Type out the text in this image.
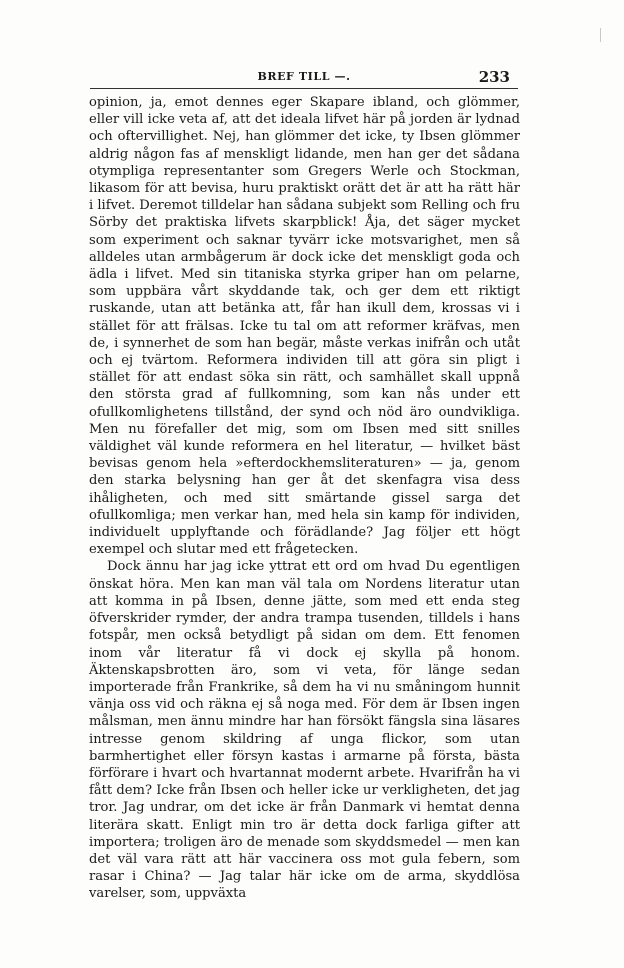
BREF TILL —.	233

opinion, ja, emot dennes eger Skapare ibland, och glömmer, eller vill icke veta af, att det ideala lifvet här på jorden är lydnad och oftervillighet. Nej, han glömmer det icke, ty Ibsen glömmer aldrig någon fas af menskligt lidande, men han ger det sådana otympliga representanter som Gregers Werle och Stockman, likasom för att bevisa, huru praktiskt orätt det är att ha rätt här i lifvet. Deremot tilldelar han sådana subjekt som Relling och fru Sörby det praktiska lifvets skarpblick! Åja, det säger mycket som experiment och saknar tyvärr icke motsvarighet, men så alldeles utan armbågerum är dock icke det menskligt goda och ädla i lifvet. Med sin titaniska styrka griper han om pelarne, som uppbära vårt skyddande tak, och ger dem ett riktigt ruskande, utan att betänka att, får han ikull dem, krossas vi i stället för att frälsas. Icke tu tal om att reformer kräfvas, men de, i synnerhet de som han begär, måste verkas inifrån och utåt och ej tvärtom. Reformera individen till att göra sin pligt i stället för att endast söka sin rätt, och samhället skall uppnå den största grad af fullkomning, som kan nås under ett ofullkomlighetens tillstånd, der synd och nöd äro oundvikliga. Men nu förefaller det mig, som om Ibsen med sitt snilles väldighet väl kunde reformera en hel literatur, — hvilket bäst bevisas genom hela »efterdockhemsliteraturen» — ja, genom den starka belysning han ger åt det skenfagra visa dess ihåligheten, och med sitt smärtande gissel sarga det ofullkomliga; men verkar han, med hela sin kamp för individen, individuelt upplyftande och förädlande? Jag följer ett högt exempel och slutar med ett frågetecken.

Dock ännu har jag icke yttrat ett ord om hvad Du egentligen önskat höra. Men kan man väl tala om Nordens literatur utan att komma in på Ibsen, denne jätte, som med ett enda steg öfverskrider rymder, der andra trampa tusenden, tilldels i hans fotspår, men också betydligt på sidan om dem. Ett fenomen inom vår literatur få vi dock ej skylla på honom. Äktenskapsbrotten äro, som vi veta, för länge sedan importerade från Frankrike, så dem ha vi nu småningom hunnit vänja oss vid och räkna ej så noga med. För dem är Ibsen ingen målsman, men ännu mindre har han försökt fängsla sina läsares intresse genom skildring af unga flickor, som utan barmhertighet eller försyn kastas i armarne på första, bästa förförare i hvart och hvartannat modernt arbete. Hvarifrån ha vi fått dem? Icke från Ibsen och heller icke ur verkligheten, det jag tror. Jag undrar, om det icke är från Danmark vi hemtat denna literära skatt. Enligt min tro är detta dock farliga gifter att importera; troligen äro de menade som skyddsmedel — men kan det väl vara rätt att här vaccinera oss mot gula febern, som rasar i China? — Jag talar här icke om de arma, skyddlösa varelser, som, uppväxta
